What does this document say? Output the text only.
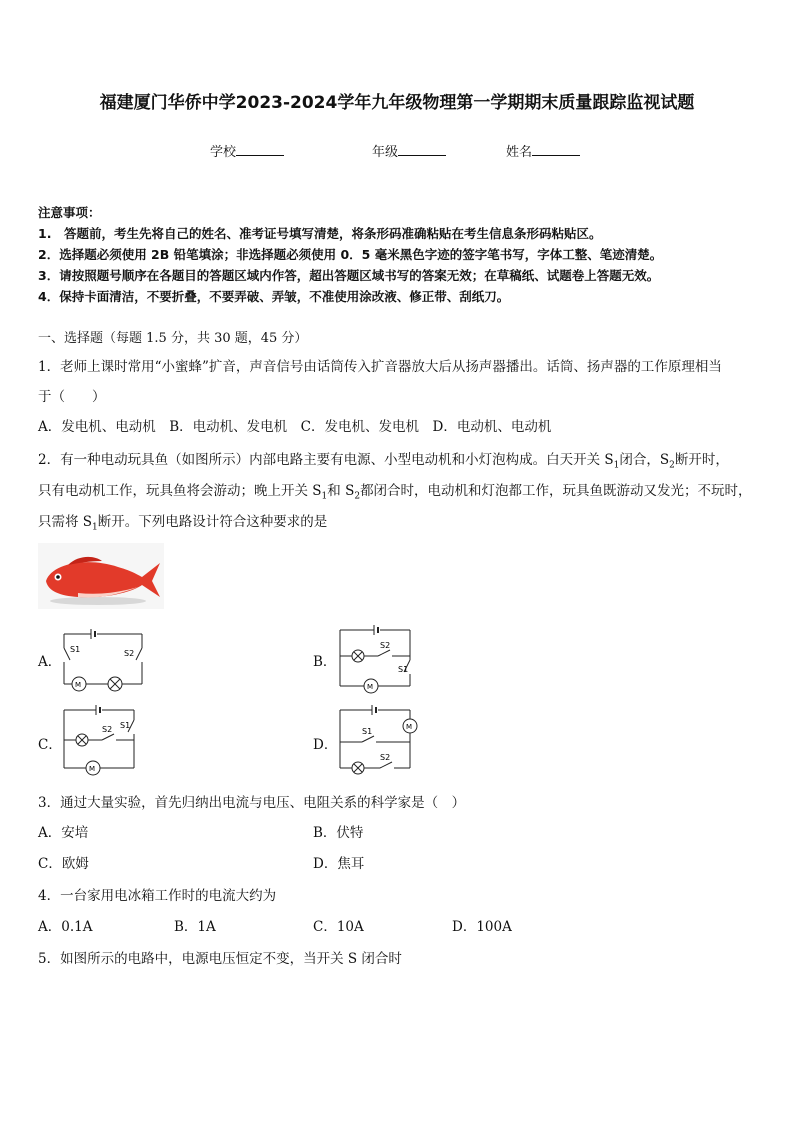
福建厦门华侨中学2023-2024学年九年级物理第一学期期末质量跟踪监视试题
学校	年级	姓名
注意事项：
1.　答题前，考生先将自己的姓名、准考证号填写清楚，将条形码准确粘贴在考生信息条形码粘贴区。
2．选择题必须使用 2B 铅笔填涂；非选择题必须使用 0．5 毫米黑色字迹的签字笔书写，字体工整、笔迹清楚。
3．请按照题号顺序在各题目的答题区域内作答，超出答题区域书写的答案无效；在草稿纸、试题卷上答题无效。
4．保持卡面清洁，不要折叠，不要弄破、弄皱，不准使用涂改液、修正带、刮纸刀。
一、选择题（每题 1.5 分，共 30 题，45 分）
1．老师上课时常用“小蜜蜂”扩音，声音信号由话筒传入扩音器放大后从扬声器播出。话筒、扬声器的工作原理相当
于（　　）
A．发电机、电动机　B．电动机、发电机　C．发电机、发电机　D．电动机、电动机
2．有一种电动玩具鱼（如图所示）内部电路主要有电源、小型电动机和小灯泡构成。白天开关 $S_1$闭合，$S_2$断开时，
只有电动机工作，玩具鱼将会游动；晚上开关 $S_1$和 $S_2$都闭合时，电动机和灯泡都工作，玩具鱼既游动又发光；不玩时，
只需将 $S_1$断开。下列电路设计符合这种要求的是
A．
S1	S2
M
B．
S2
S1
M
C．
S2 S1
M
D．
S1
S2
M
3．通过大量实验，首先归纳出电流与电压、电阻关系的科学家是（　）
A．安培	B．伏特
C．欧姆	D．焦耳
4．一台家用电冰箱工作时的电流大约为
A．0.1A	B．1A	C．10A	D．100A
5．如图所示的电路中，电源电压恒定不变，当开关 S 闭合时
